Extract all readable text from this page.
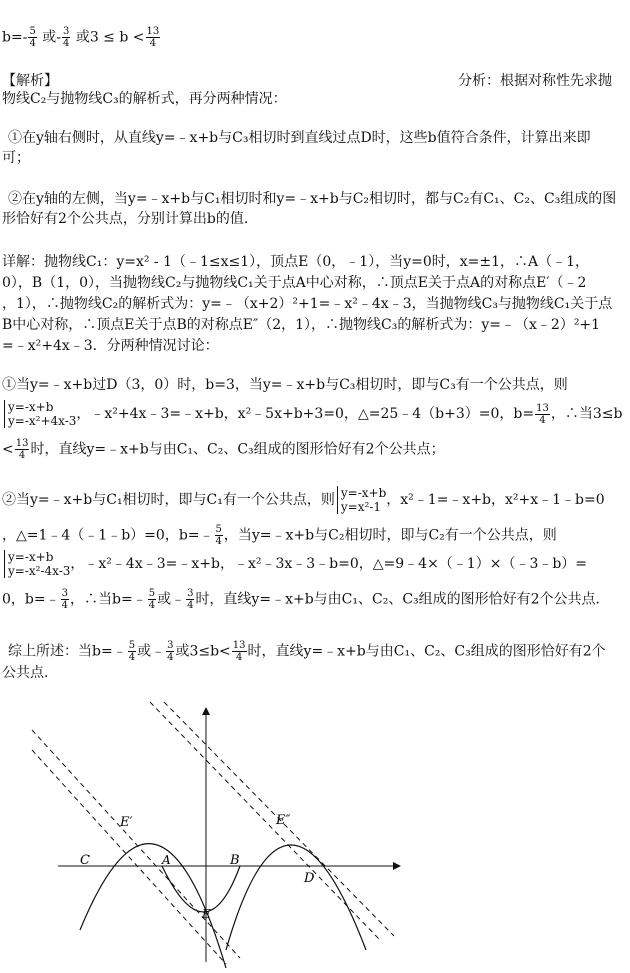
$b=- \frac{5}{4}$ 或- $\frac{3}{4}$ 或$3 \le b < \frac{13}{4}$
【解析】	分析：根据对称性先求抛
物线C₂与抛物线C₃的解析式，再分两种情况：
①在y轴右侧时，从直线y=﹣x+b与C₃相切时到直线过点D时，这些b值符合条件，计算出来即
可；
②在y轴的左侧，当y=﹣x+b与C₁相切时和y=﹣x+b与C₂相切时，都与C₂有C₁、C₂、C₃组成的图
形恰好有2个公共点，分别计算出b的值．
详解：抛物线C₁：y=x² - 1（﹣1≤x≤1），顶点E（0，﹣1），当y=0时，x=±1，∴A（﹣1，
0），B（1，0），当抛物线C₂与抛物线C₁关于点A中心对称，∴顶点E关于点A的对称点E′（﹣2
，1），∴抛物线C₂的解析式为：y=﹣（x+2）²+1=﹣x²﹣4x﹣3，当抛物线C₃与抛物线C₁关于点
B中心对称，∴顶点E关于点B的对称点E″（2，1），∴抛物线C₃的解析式为：y=﹣（x﹣2）²+1
=﹣x²+4x﹣3．分两种情况讨论：
①当y=﹣x+b过D（3，0）时，b=3，当y=﹣x+b与C₃相切时，即与C₃有一个公共点，则
y=-x+b
y=-x²+4x-3 ，﹣x²+4x﹣3=﹣x+b，x²﹣5x+b+3=0，△=25﹣4（b+3）=0，$b= \frac{13}{4}$ ，∴当3≤b
< $\frac{13}{4}$ 时，直线y=﹣x+b与由C₁、C₂、C₃组成的图形恰好有2个公共点；
②当y=﹣x+b与C₁相切时，即与C₁有一个公共点，则 y=-x+b
y=x²-1 ，x²﹣1=﹣x+b，x²+x﹣1﹣b=0
，△=1﹣4（﹣1﹣b）=0，b=﹣ $\frac{5}{4}$ ，当y=﹣x+b与C₂相切时，即与C₂有一个公共点，则
y=-x+b
y=-x²-4x-3 ，﹣x²﹣4x﹣3=﹣x+b，﹣x²﹣3x﹣3﹣b=0，△=9﹣4×（﹣1）×（﹣3﹣b）=
0，b=﹣ $\frac{3}{4}$ ，∴当b=﹣ $\frac{5}{4}$ 或﹣ $\frac{3}{4}$ 时，直线y=﹣x+b与由C₁、C₂、C₃组成的图形恰好有2个公共点．
综上所述：当b=﹣ $\frac{5}{4}$ 或﹣ $\frac{3}{4}$ 或$3\le b< \frac{13}{4}$ 时，直线y=﹣x+b与由C₁、C₂、C₃组成的图形恰好有2个
公共点．
C
E′
A	B
E″
D
E
